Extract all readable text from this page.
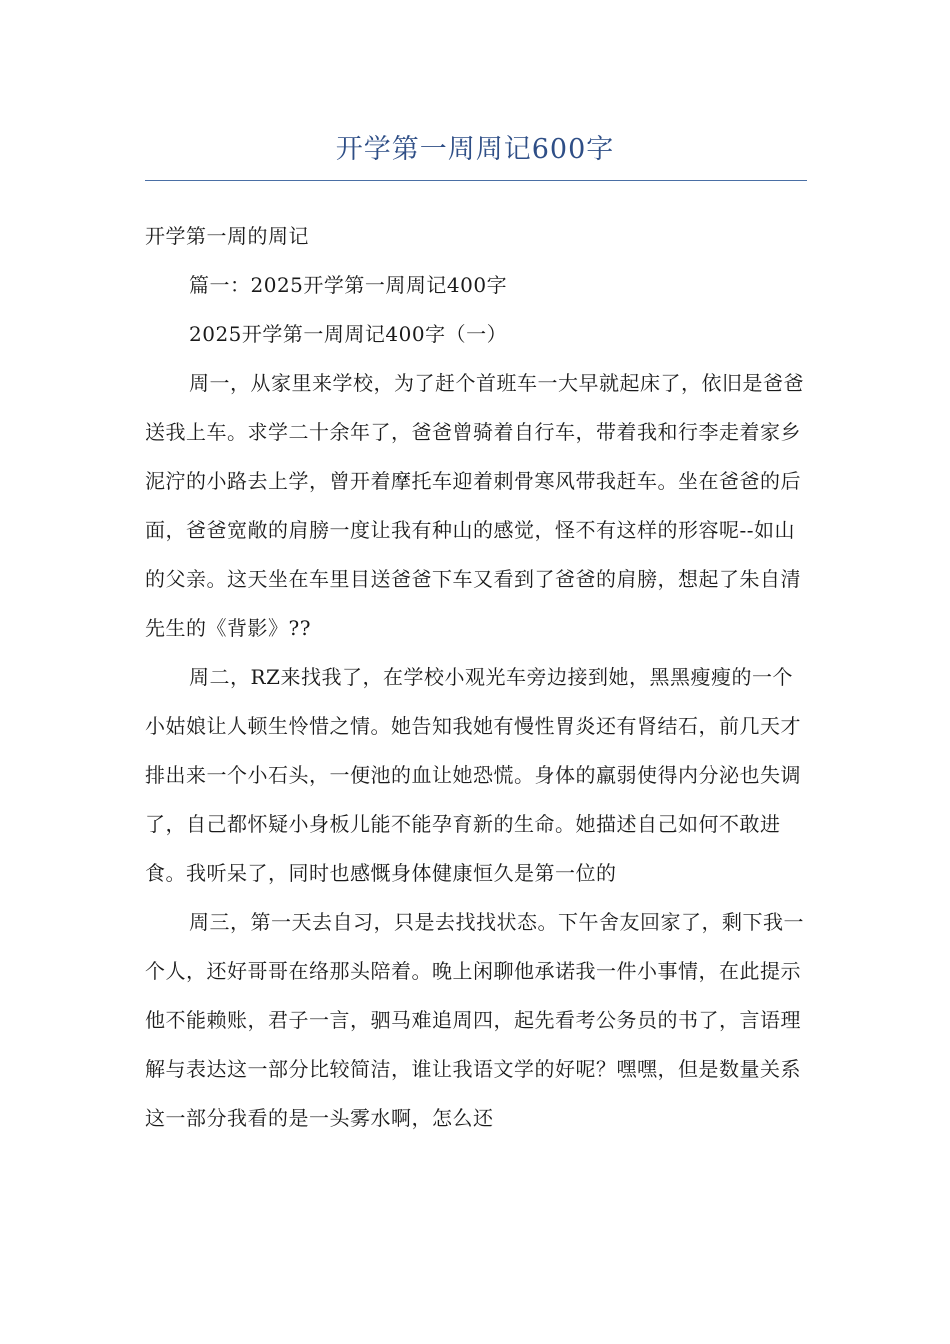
开学第一周周记600字

开学第一周的周记

篇一：2025开学第一周周记400字

2025开学第一周周记400字（一）

周一，从家里来学校，为了赶个首班车一大早就起床了，依旧是爸爸送我上车。求学二十余年了，爸爸曾骑着自行车，带着我和行李走着家乡泥泞的小路去上学，曾开着摩托车迎着刺骨寒风带我赶车。坐在爸爸的后面，爸爸宽敞的肩膀一度让我有种山的感觉，怪不有这样的形容呢--如山的父亲。这天坐在车里目送爸爸下车又看到了爸爸的肩膀，想起了朱自清先生的《背影》??

周二，RZ来找我了，在学校小观光车旁边接到她，黑黑瘦瘦的一个小姑娘让人顿生怜惜之情。她告知我她有慢性胃炎还有肾结石，前几天才排出来一个小石头，一便池的血让她恐慌。身体的羸弱使得内分泌也失调了，自己都怀疑小身板儿能不能孕育新的生命。她描述自己如何不敢进食。我听呆了，同时也感慨身体健康恒久是第一位的

周三，第一天去自习，只是去找找状态。下午舍友回家了，剩下我一个人，还好哥哥在络那头陪着。晚上闲聊他承诺我一件小事情，在此提示他不能赖账，君子一言，驷马难追周四，起先看考公务员的书了，言语理解与表达这一部分比较简洁，谁让我语文学的好呢？嘿嘿，但是数量关系这一部分我看的是一头雾水啊，怎么还
